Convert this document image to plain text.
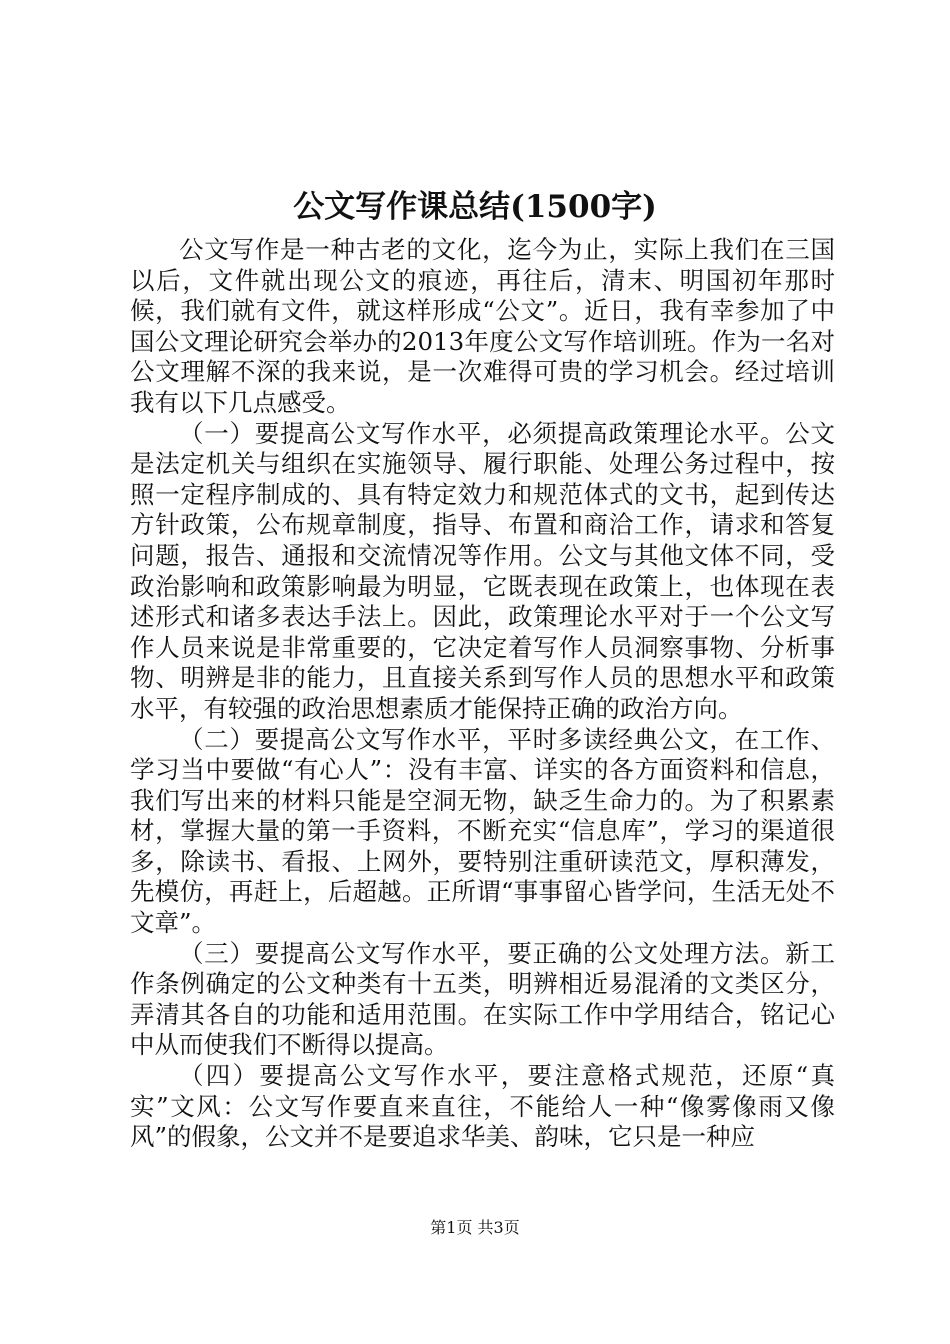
公文写作课总结(1500字)

公文写作是一种古老的文化，迄今为止，实际上我们在三国以后，文件就出现公文的痕迹，再往后，清末、明国初年那时候，我们就有文件，就这样形成“公文”。近日，我有幸参加了中国公文理论研究会举办的2013年度公文写作培训班。作为一名对公文理解不深的我来说，是一次难得可贵的学习机会。经过培训我有以下几点感受。

（一）要提高公文写作水平，必须提高政策理论水平。公文是法定机关与组织在实施领导、履行职能、处理公务过程中，按照一定程序制成的、具有特定效力和规范体式的文书，起到传达方针政策，公布规章制度，指导、布置和商洽工作，请求和答复问题，报告、通报和交流情况等作用。公文与其他文体不同，受政治影响和政策影响最为明显，它既表现在政策上，也体现在表述形式和诸多表达手法上。因此，政策理论水平对于一个公文写作人员来说是非常重要的，它决定着写作人员洞察事物、分析事物、明辨是非的能力，且直接关系到写作人员的思想水平和政策水平，有较强的政治思想素质才能保持正确的政治方向。

（二）要提高公文写作水平，平时多读经典公文，在工作、学习当中要做“有心人”：没有丰富、详实的各方面资料和信息，我们写出来的材料只能是空洞无物，缺乏生命力的。为了积累素材，掌握大量的第一手资料，不断充实“信息库”，学习的渠道很多，除读书、看报、上网外，要特别注重研读范文，厚积薄发，先模仿，再赶上，后超越。正所谓“事事留心皆学问，生活无处不文章”。

（三）要提高公文写作水平，要正确的公文处理方法。新工作条例确定的公文种类有十五类，明辨相近易混淆的文类区分，弄清其各自的功能和适用范围。在实际工作中学用结合，铭记心中从而使我们不断得以提高。

（四）要提高公文写作水平，要注意格式规范，还原“真实”文风：公文写作要直来直往，不能给人一种“像雾像雨又像风”的假象，公文并不是要追求华美、韵味，它只是一种应

第1页 共3页
